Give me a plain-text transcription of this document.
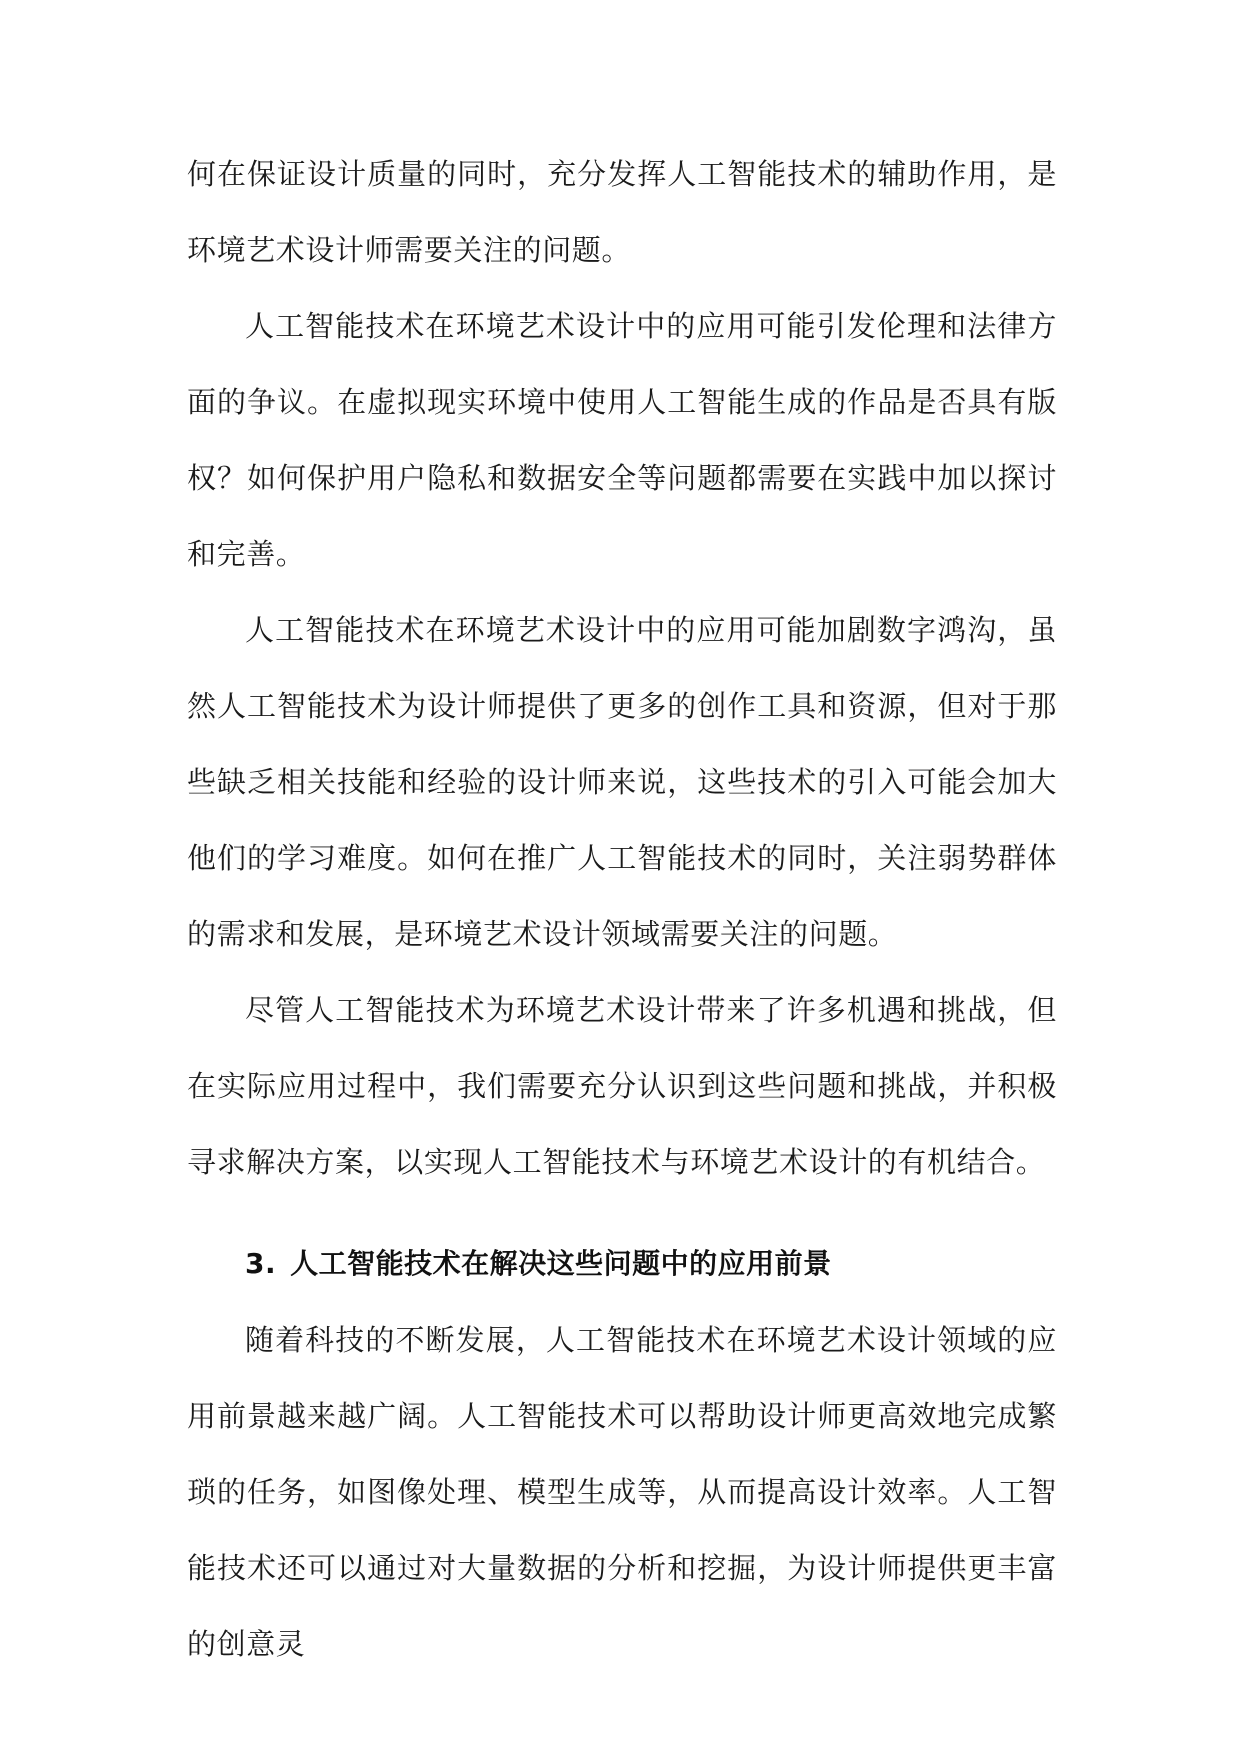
何在保证设计质量的同时，充分发挥人工智能技术的辅助作用，是环境艺术设计师需要关注的问题。

人工智能技术在环境艺术设计中的应用可能引发伦理和法律方面的争议。在虚拟现实环境中使用人工智能生成的作品是否具有版权？如何保护用户隐私和数据安全等问题都需要在实践中加以探讨和完善。

人工智能技术在环境艺术设计中的应用可能加剧数字鸿沟，虽然人工智能技术为设计师提供了更多的创作工具和资源，但对于那些缺乏相关技能和经验的设计师来说，这些技术的引入可能会加大他们的学习难度。如何在推广人工智能技术的同时，关注弱势群体的需求和发展，是环境艺术设计领域需要关注的问题。

尽管人工智能技术为环境艺术设计带来了许多机遇和挑战，但在实际应用过程中，我们需要充分认识到这些问题和挑战，并积极寻求解决方案，以实现人工智能技术与环境艺术设计的有机结合。

3. 人工智能技术在解决这些问题中的应用前景

随着科技的不断发展，人工智能技术在环境艺术设计领域的应用前景越来越广阔。人工智能技术可以帮助设计师更高效地完成繁琐的任务，如图像处理、模型生成等，从而提高设计效率。人工智能技术还可以通过对大量数据的分析和挖掘，为设计师提供更丰富的创意灵
